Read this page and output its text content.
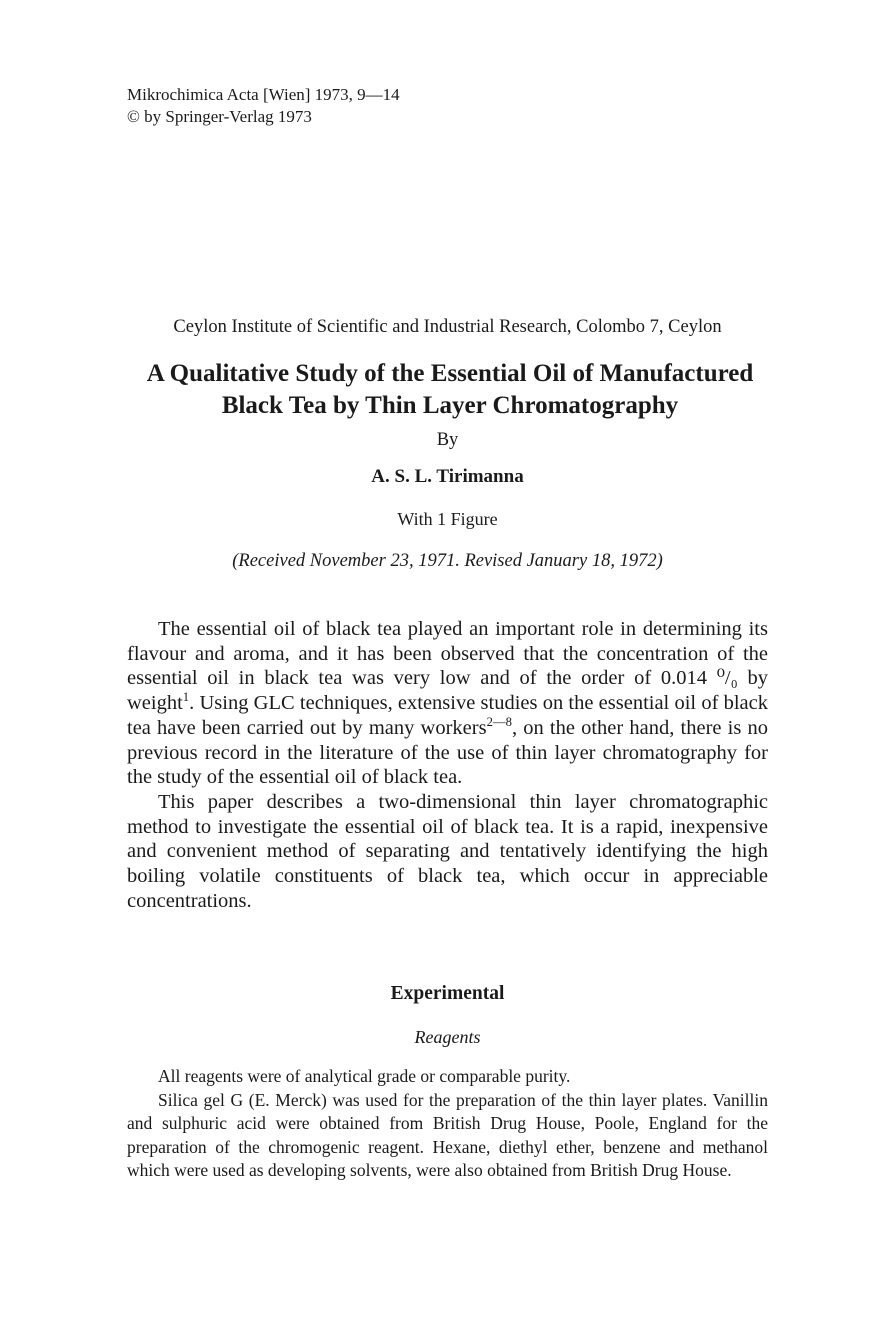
Mikrochimica Acta [Wien] 1973, 9—14
© by Springer-Verlag 1973
Ceylon Institute of Scientific and Industrial Research, Colombo 7, Ceylon
A Qualitative Study of the Essential Oil of Manufactured
Black Tea by Thin Layer Chromatography
By
A. S. L. Tirimanna
With 1 Figure
(Received November 23, 1971. Revised January 18, 1972)

The essential oil of black tea played an important role in determining its flavour and aroma, and it has been observed that the concentration of the essential oil in black tea was very low and of the order of 0.014 ⁰/₀ by weight$^1$. Using GLC techniques, extensive studies on the essential oil of black tea have been carried out by many workers$^{2—8}$, on the other hand, there is no previous record in the literature of the use of thin layer chromatography for the study of the essential oil of black tea.

This paper describes a two-dimensional thin layer chromatographic method to investigate the essential oil of black tea. It is a rapid, inexpensive and convenient method of separating and tentatively identifying the high boiling volatile constituents of black tea, which occur in appreciable concentrations.

Experimental
Reagents

All reagents were of analytical grade or comparable purity.

Silica gel G (E. Merck) was used for the preparation of the thin layer plates. Vanillin and sulphuric acid were obtained from British Drug House, Poole, England for the preparation of the chromogenic reagent. Hexane, diethyl ether, benzene and methanol which were used as developing solvents, were also obtained from British Drug House.
